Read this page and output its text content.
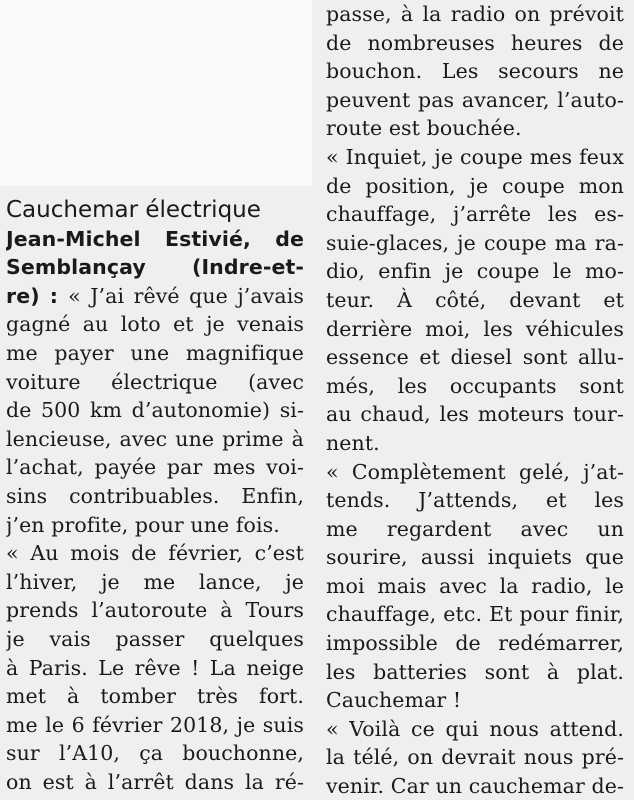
Cauchemar électrique
Jean-Michel Estivié, de
Semblançay (Indre-et-
re) : « J’ai rêvé que j’avais
gagné au loto et je venais
me payer une magnifique
voiture électrique (avec
de 500 km d’autonomie) si-
lencieuse, avec une prime à
l’achat, payée par mes voi-
sins contribuables. Enfin,
j’en profite, pour une fois.
« Au mois de février, c’est
l’hiver, je me lance, je
prends l’autoroute à Tours
je vais passer quelques
à Paris. Le rêve ! La neige
met à tomber très fort.
me le 6 février 2018, je suis
sur l’A10, ça bouchonne,
on est à l’arrêt dans la ré-
passe, à la radio on prévoit
de nombreuses heures de
bouchon. Les secours ne
peuvent pas avancer, l’auto-
route est bouchée.
« Inquiet, je coupe mes feux
de position, je coupe mon
chauffage, j’arrête les es-
suie-glaces, je coupe ma ra-
dio, enfin je coupe le mo-
teur. À côté, devant et
derrière moi, les véhicules
essence et diesel sont allu-
més, les occupants sont
au chaud, les moteurs tour-
nent.
« Complètement gelé, j’at-
tends. J’attends, et les
me regardent avec un
sourire, aussi inquiets que
moi mais avec la radio, le
chauffage, etc. Et pour finir,
impossible de redémarrer,
les batteries sont à plat.
Cauchemar !
« Voilà ce qui nous attend.
la télé, on devrait nous pré-
venir. Car un cauchemar de-
